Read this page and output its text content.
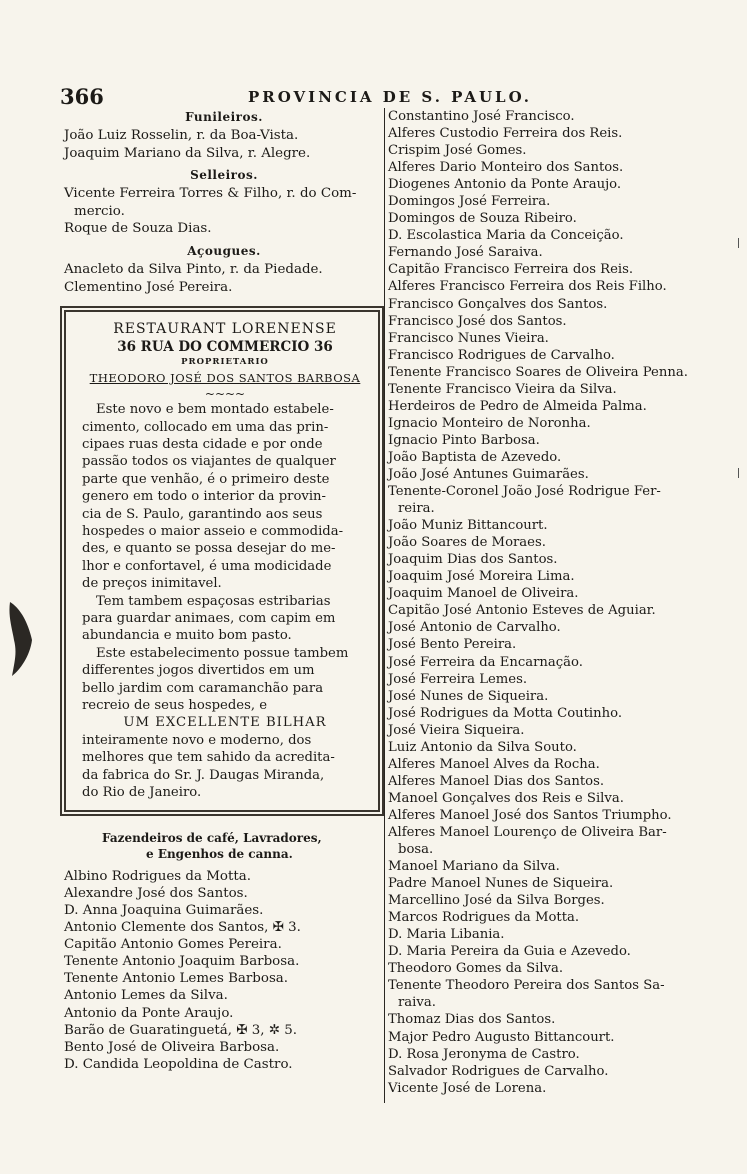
366	PROVINCIA DE S. PAULO.
Funileiros.
João Luiz Rosselin, r. da Boa-Vista.
Joaquim Mariano da Silva, r. Alegre.
Selleiros.
Vicente Ferreira Torres & Filho, r. do Com-
mercio.
Roque de Souza Dias.
Açougues.
Anacleto da Silva Pinto, r. da Piedade.
Clementino José Pereira.
RESTAURANT LORENENSE
36 RUA DO COMMERCIO 36
PROPRIETARIO
THEODORO JOSÉ DOS SANTOS BARBOSA
~~~~
Este novo e bem montado estabele-
cimento, collocado em uma das prin-
cipaes ruas desta cidade e por onde
passão todos os viajantes de qualquer
parte que venhão, é o primeiro deste
genero em todo o interior da provin-
cia de S. Paulo, garantindo aos seus
hospedes o maior asseio e commodida-
des, e quanto se possa desejar do me-
lhor e confortavel, é uma modicidade
de preços inimitavel.
Tem tambem espaçosas estribarias
para guardar animaes, com capim em
abundancia e muito bom pasto.
Este estabelecimento possue tambem
differentes jogos divertidos em um
bello jardim com caramanchão para
recreio de seus hospedes, e
UM EXCELLENTE BILHAR
inteiramente novo e moderno, dos
melhores que tem sahido da acredita-
da fabrica do Sr. J. Daugas Miranda,
do Rio de Janeiro.
Fazendeiros de café, Lavradores,
e Engenhos de canna.
Albino Rodrigues da Motta.
Alexandre José dos Santos.
D. Anna Joaquina Guimarães.
Antonio Clemente dos Santos, ✠ 3.
Capitão Antonio Gomes Pereira.
Tenente Antonio Joaquim Barbosa.
Tenente Antonio Lemes Barbosa.
Antonio Lemes da Silva.
Antonio da Ponte Araujo.
Barão de Guaratinguetá, ✠ 3, ✲ 5.
Bento José de Oliveira Barbosa.
D. Candida Leopoldina de Castro.
Constantino José Francisco.
Alferes Custodio Ferreira dos Reis.
Crispim José Gomes.
Alferes Dario Monteiro dos Santos.
Diogenes Antonio da Ponte Araujo.
Domingos José Ferreira.
Domingos de Souza Ribeiro.
D. Escolastica Maria da Conceição.
Fernando José Saraiva.
Capitão Francisco Ferreira dos Reis.
Alferes Francisco Ferreira dos Reis Filho.
Francisco Gonçalves dos Santos.
Francisco José dos Santos.
Francisco Nunes Vieira.
Francisco Rodrigues de Carvalho.
Tenente Francisco Soares de Oliveira Penna.
Tenente Francisco Vieira da Silva.
Herdeiros de Pedro de Almeida Palma.
Ignacio Monteiro de Noronha.
Ignacio Pinto Barbosa.
João Baptista de Azevedo.
João José Antunes Guimarães.
Tenente-Coronel João José Rodrigue Fer-
reira.
João Muniz Bittancourt.
João Soares de Moraes.
Joaquim Dias dos Santos.
Joaquim José Moreira Lima.
Joaquim Manoel de Oliveira.
Capitão José Antonio Esteves de Aguiar.
José Antonio de Carvalho.
José Bento Pereira.
José Ferreira da Encarnação.
José Ferreira Lemes.
José Nunes de Siqueira.
José Rodrigues da Motta Coutinho.
José Vieira Siqueira.
Luiz Antonio da Silva Souto.
Alferes Manoel Alves da Rocha.
Alferes Manoel Dias dos Santos.
Manoel Gonçalves dos Reis e Silva.
Alferes Manoel José dos Santos Triumpho.
Alferes Manoel Lourenço de Oliveira Bar-
bosa.
Manoel Mariano da Silva.
Padre Manoel Nunes de Siqueira.
Marcellino José da Silva Borges.
Marcos Rodrigues da Motta.
D. Maria Libania.
D. Maria Pereira da Guia e Azevedo.
Theodoro Gomes da Silva.
Tenente Theodoro Pereira dos Santos Sa-
raiva.
Thomaz Dias dos Santos.
Major Pedro Augusto Bittancourt.
D. Rosa Jeronyma de Castro.
Salvador Rodrigues de Carvalho.
Vicente José de Lorena.
